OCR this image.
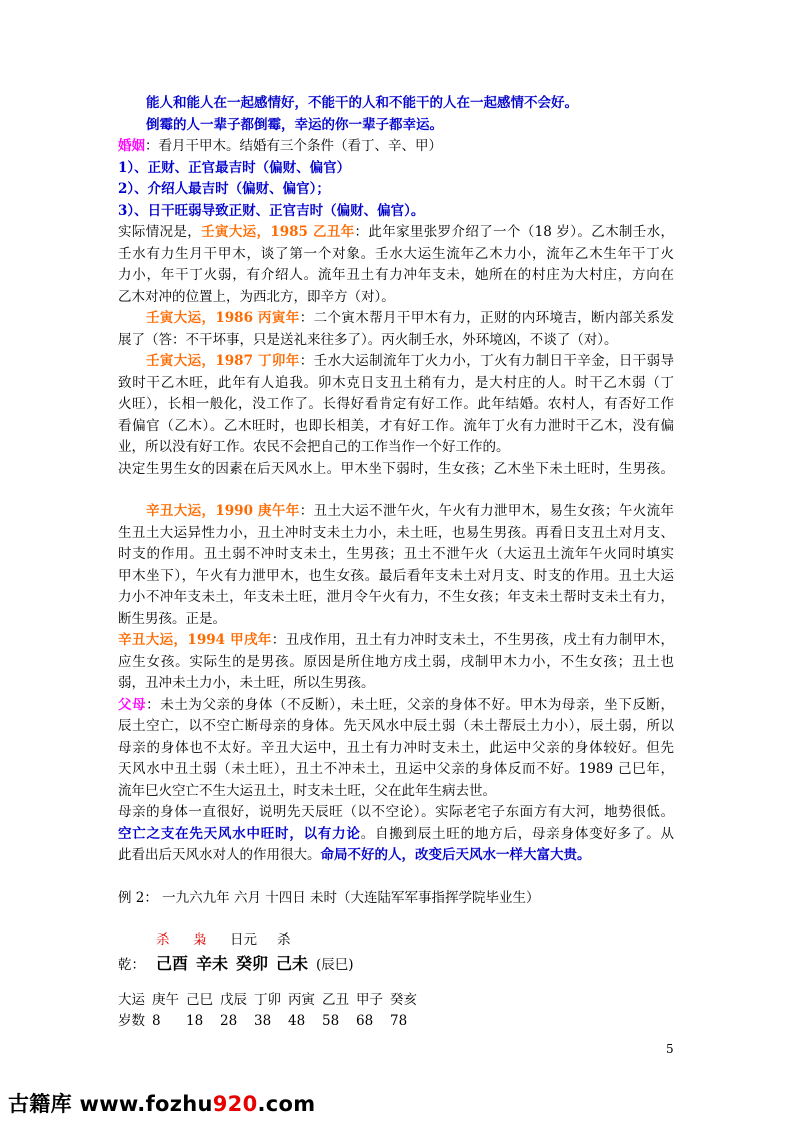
能人和能人在一起感情好，不能干的人和不能干的人在一起感情不会好。
倒霉的人一辈子都倒霉，幸运的你一辈子都幸运。
婚姻：看月干甲木。结婚有三个条件（看丁、辛、甲）
1）、正财、正官最吉时（偏财、偏官）
2）、介绍人最吉时（偏财、偏官）；
3）、日干旺弱导致正财、正官吉时（偏财、偏官）。
实际情况是，壬寅大运，1985 乙丑年：此年家里张罗介绍了一个（18 岁）。乙木制壬水，
壬水有力生月干甲木，谈了第一个对象。壬水大运生流年乙木力小，流年乙木生年干丁火
力小，年干丁火弱，有介绍人。流年丑土有力冲年支未，她所在的村庄为大村庄，方向在
乙木对冲的位置上，为西北方，即辛方（对）。
壬寅大运，1986 丙寅年：二个寅木帮月干甲木有力，正财的内环境吉，断内部关系发
展了（答：不干坏事，只是送礼来往多了）。丙火制壬水，外环境凶，不谈了（对）。
壬寅大运，1987 丁卯年：壬水大运制流年丁火力小，丁火有力制日干辛金，日干弱导
致时干乙木旺，此年有人追我。卯木克日支丑土稍有力，是大村庄的人。时干乙木弱（丁
火旺），长相一般化，没工作了。长得好看肯定有好工作。此年结婚。农村人，有否好工作
看偏官（乙木）。乙木旺时，也即长相美，才有好工作。流年丁火有力泄时干乙木，没有偏
业，所以没有好工作。农民不会把自己的工作当作一个好工作的。
决定生男生女的因素在后天风水上。甲木坐下弱时，生女孩；乙木坐下未土旺时，生男孩。
辛丑大运，1990 庚午年：丑土大运不泄午火，午火有力泄甲木，易生女孩；午火流年
生丑土大运异性力小，丑土冲时支未土力小，未土旺，也易生男孩。再看日支丑土对月支、
时支的作用。丑土弱不冲时支未土，生男孩；丑土不泄午火（大运丑土流年午火同时填实
甲木坐下），午火有力泄甲木，也生女孩。最后看年支未土对月支、时支的作用。丑土大运
力小不冲年支未土，年支未土旺，泄月令午火有力，不生女孩；年支未土帮时支未土有力，
断生男孩。正是。
辛丑大运，1994 甲戌年：丑戌作用，丑土有力冲时支未土，不生男孩，戌土有力制甲木，
应生女孩。实际生的是男孩。原因是所住地方戌土弱，戌制甲木力小，不生女孩；丑土也
弱，丑冲未土力小，未土旺，所以生男孩。
父母：未土为父亲的身体（不反断），未土旺，父亲的身体不好。甲木为母亲，坐下反断，
辰土空亡，以不空亡断母亲的身体。先天风水中辰土弱（未土帮辰土力小），辰土弱，所以
母亲的身体也不太好。辛丑大运中，丑土有力冲时支未土，此运中父亲的身体较好。但先
天风水中丑土弱（未土旺），丑土不冲未土，丑运中父亲的身体反而不好。1989 己巳年，
流年巳火空亡不生大运丑土，时支未土旺，父在此年生病去世。
母亲的身体一直很好，说明先天辰旺（以不空论）。实际老宅子东面方有大河，地势很低。
空亡之支在先天风水中旺时，以有力论。自搬到辰土旺的地方后，母亲身体变好多了。从
此看出后天风水对人的作用很大。命局不好的人，改变后天风水一样大富大贵。
例 2： 一九六九年 六月 十四日 未时（大连陆军军事指挥学院毕业生）
杀 枭 日元 杀
乾： 己酉 辛未 癸卯 己未 (辰巳)
大运 庚午 己巳 戊辰 丁卯 丙寅 乙丑 甲子 癸亥
岁数 8 18 28 38 48 58 68 78
5
古籍库 www.fozhu920.com
